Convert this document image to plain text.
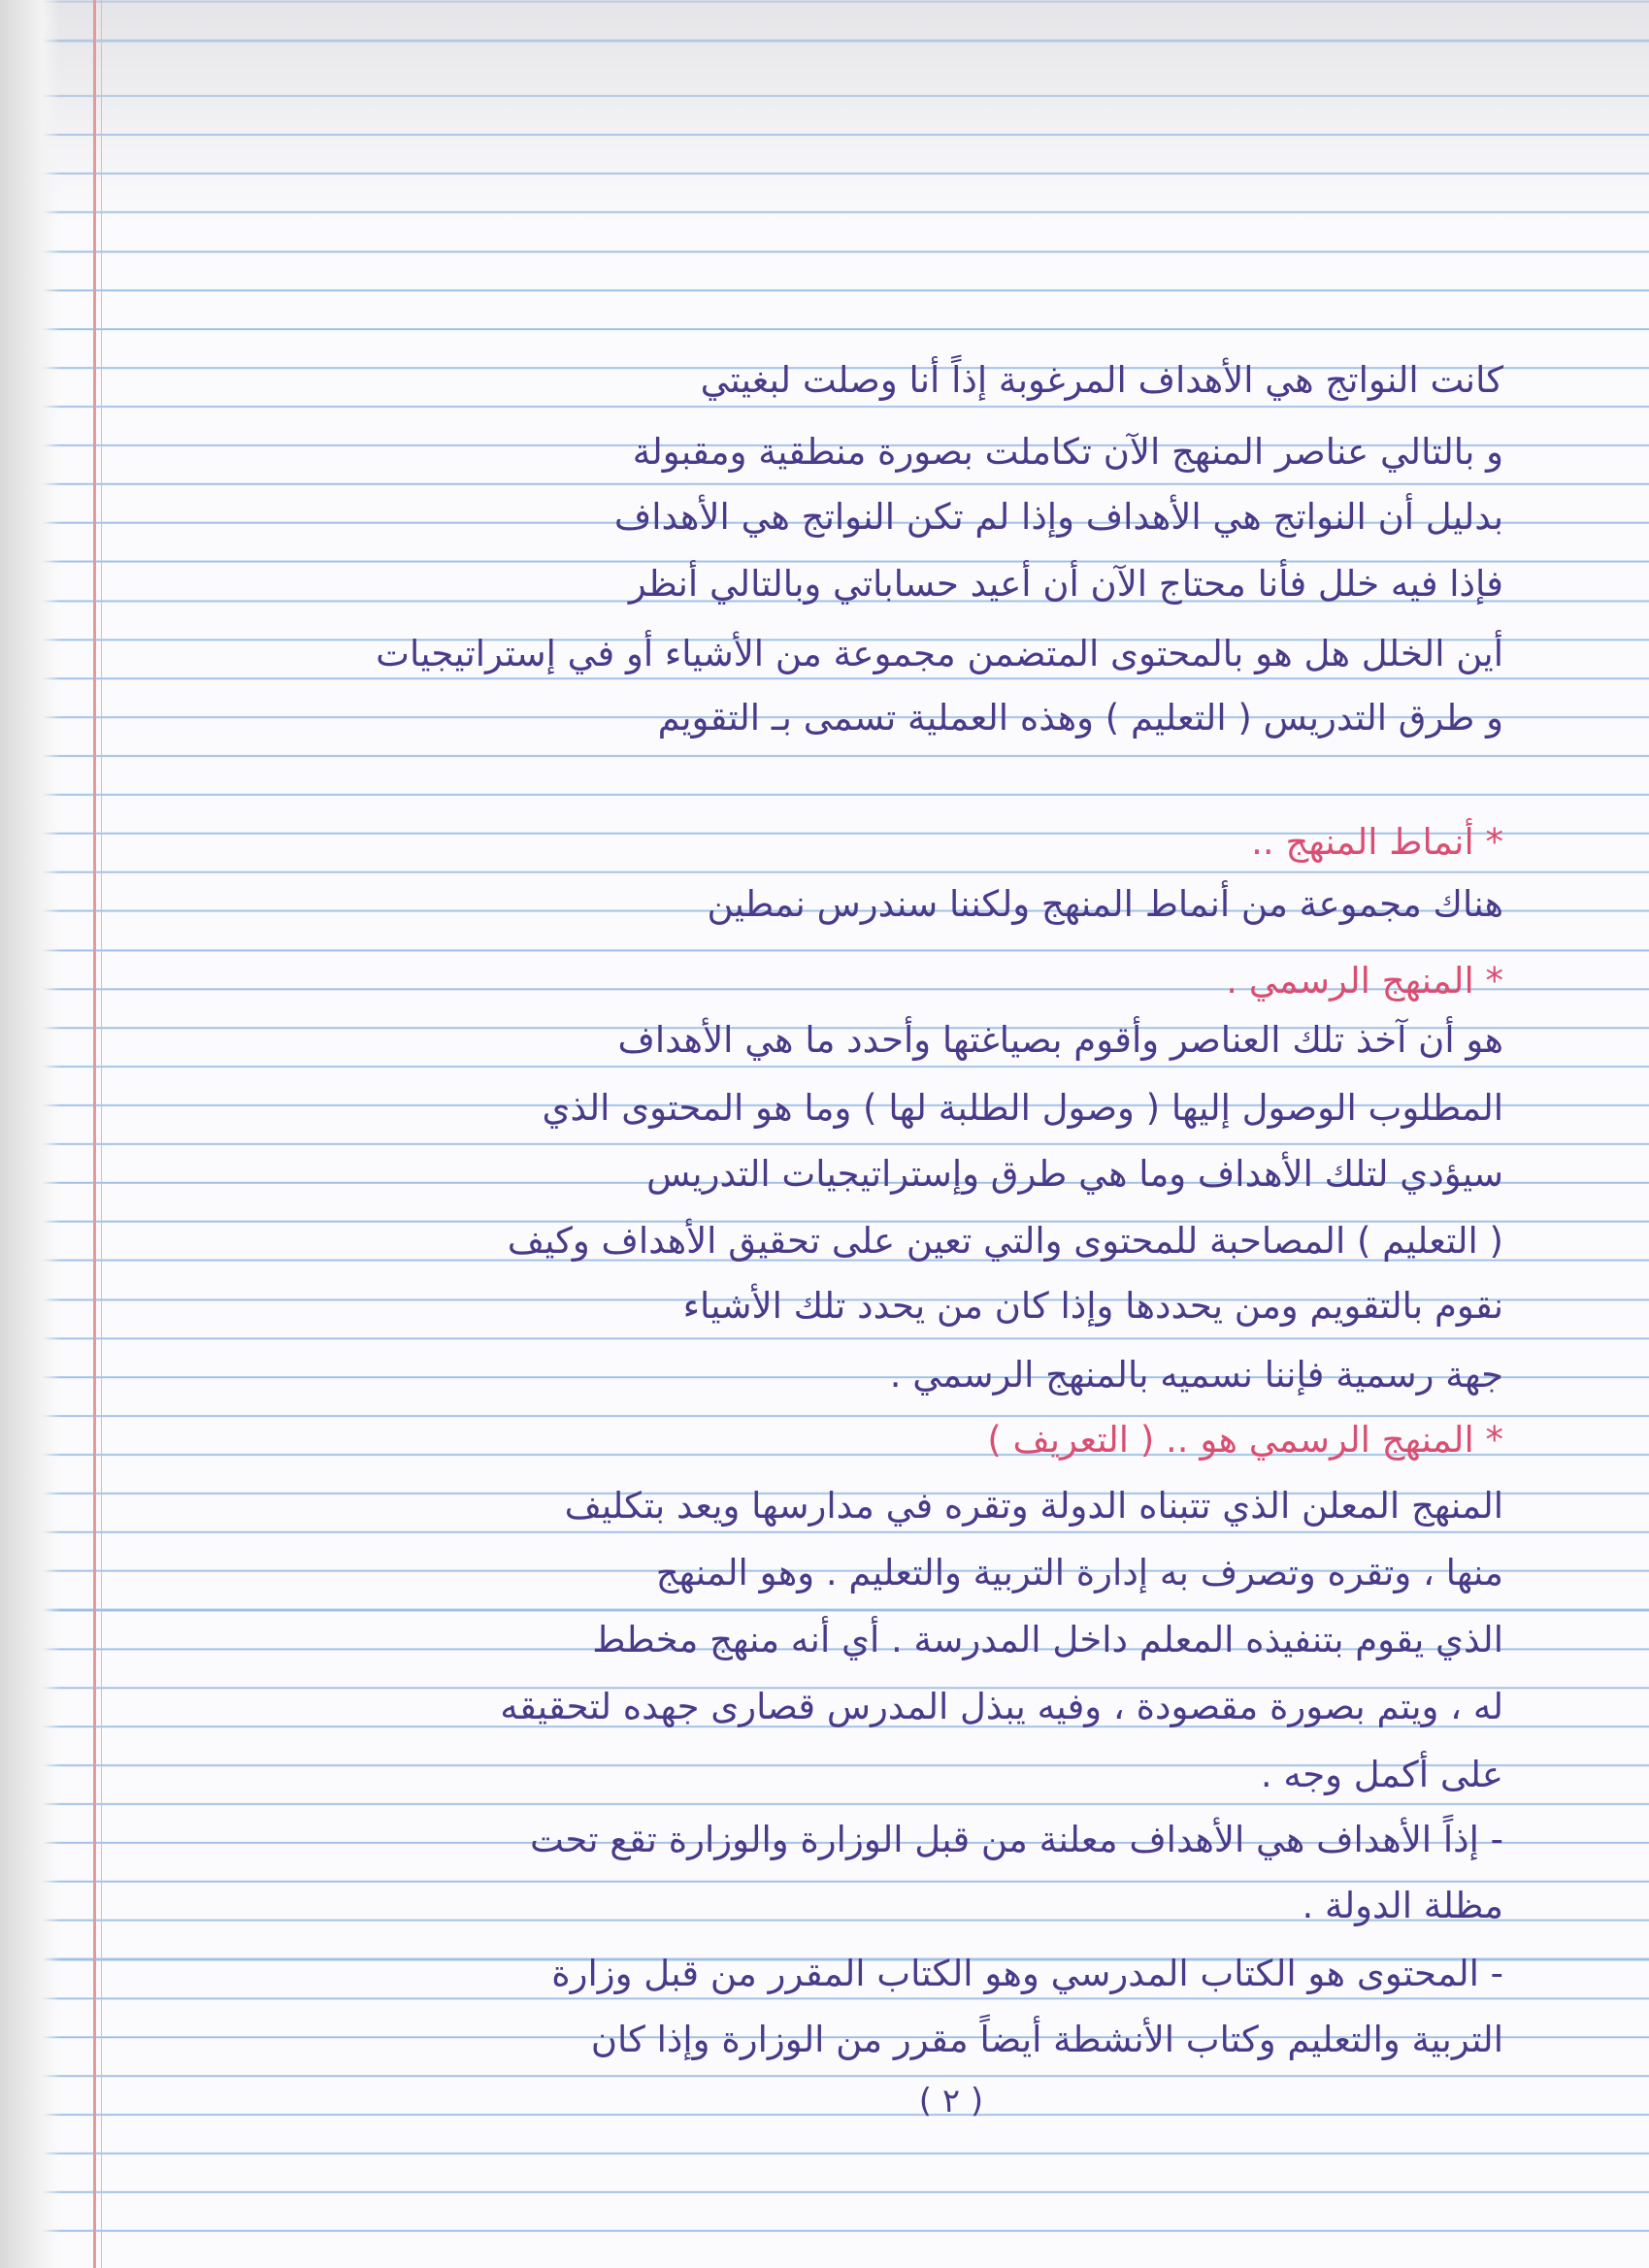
كانت النواتج هي الأهداف المرغوبة إذاً أنا وصلت لبغيتي
و بالتالي عناصر المنهج الآن تكاملت بصورة منطقية ومقبولة
بدليل أن النواتج هي الأهداف وإذا لم تكن النواتج هي الأهداف
فإذا فيه خلل فأنا محتاج الآن أن أعيد حساباتي وبالتالي أنظر
أين الخلل هل هو بالمحتوى المتضمن مجموعة من الأشياء أو في إستراتيجيات
و طرق التدريس ( التعليم ) وهذه العملية تسمى بـ التقويم
* أنماط المنهج ..
هناك مجموعة من أنماط المنهج ولكننا سندرس نمطين
* المنهج الرسمي .
هو أن آخذ تلك العناصر وأقوم بصياغتها وأحدد ما هي الأهداف
المطلوب الوصول إليها ( وصول الطلبة لها ) وما هو المحتوى الذي
سيؤدي لتلك الأهداف وما هي طرق وإستراتيجيات التدريس
( التعليم ) المصاحبة للمحتوى والتي تعين على تحقيق الأهداف وكيف
نقوم بالتقويم ومن يحددها وإذا كان من يحدد تلك الأشياء
جهة رسمية فإننا نسميه بالمنهج الرسمي .
* المنهج الرسمي هو .. ( التعريف )
المنهج المعلن الذي تتبناه الدولة وتقره في مدارسها ويعد بتكليف
منها ، وتقره وتصرف به إدارة التربية والتعليم . وهو المنهج
الذي يقوم بتنفيذه المعلم داخل المدرسة . أي أنه منهج مخطط
له ، ويتم بصورة مقصودة ، وفيه يبذل المدرس قصارى جهده لتحقيقه
على أكمل وجه .
- إذاً الأهداف هي الأهداف معلنة من قبل الوزارة والوزارة تقع تحت
مظلة الدولة .
- المحتوى هو الكتاب المدرسي وهو الكتاب المقرر من قبل وزارة
التربية والتعليم وكتاب الأنشطة أيضاً مقرر من الوزارة وإذا كان
( ٢ )
